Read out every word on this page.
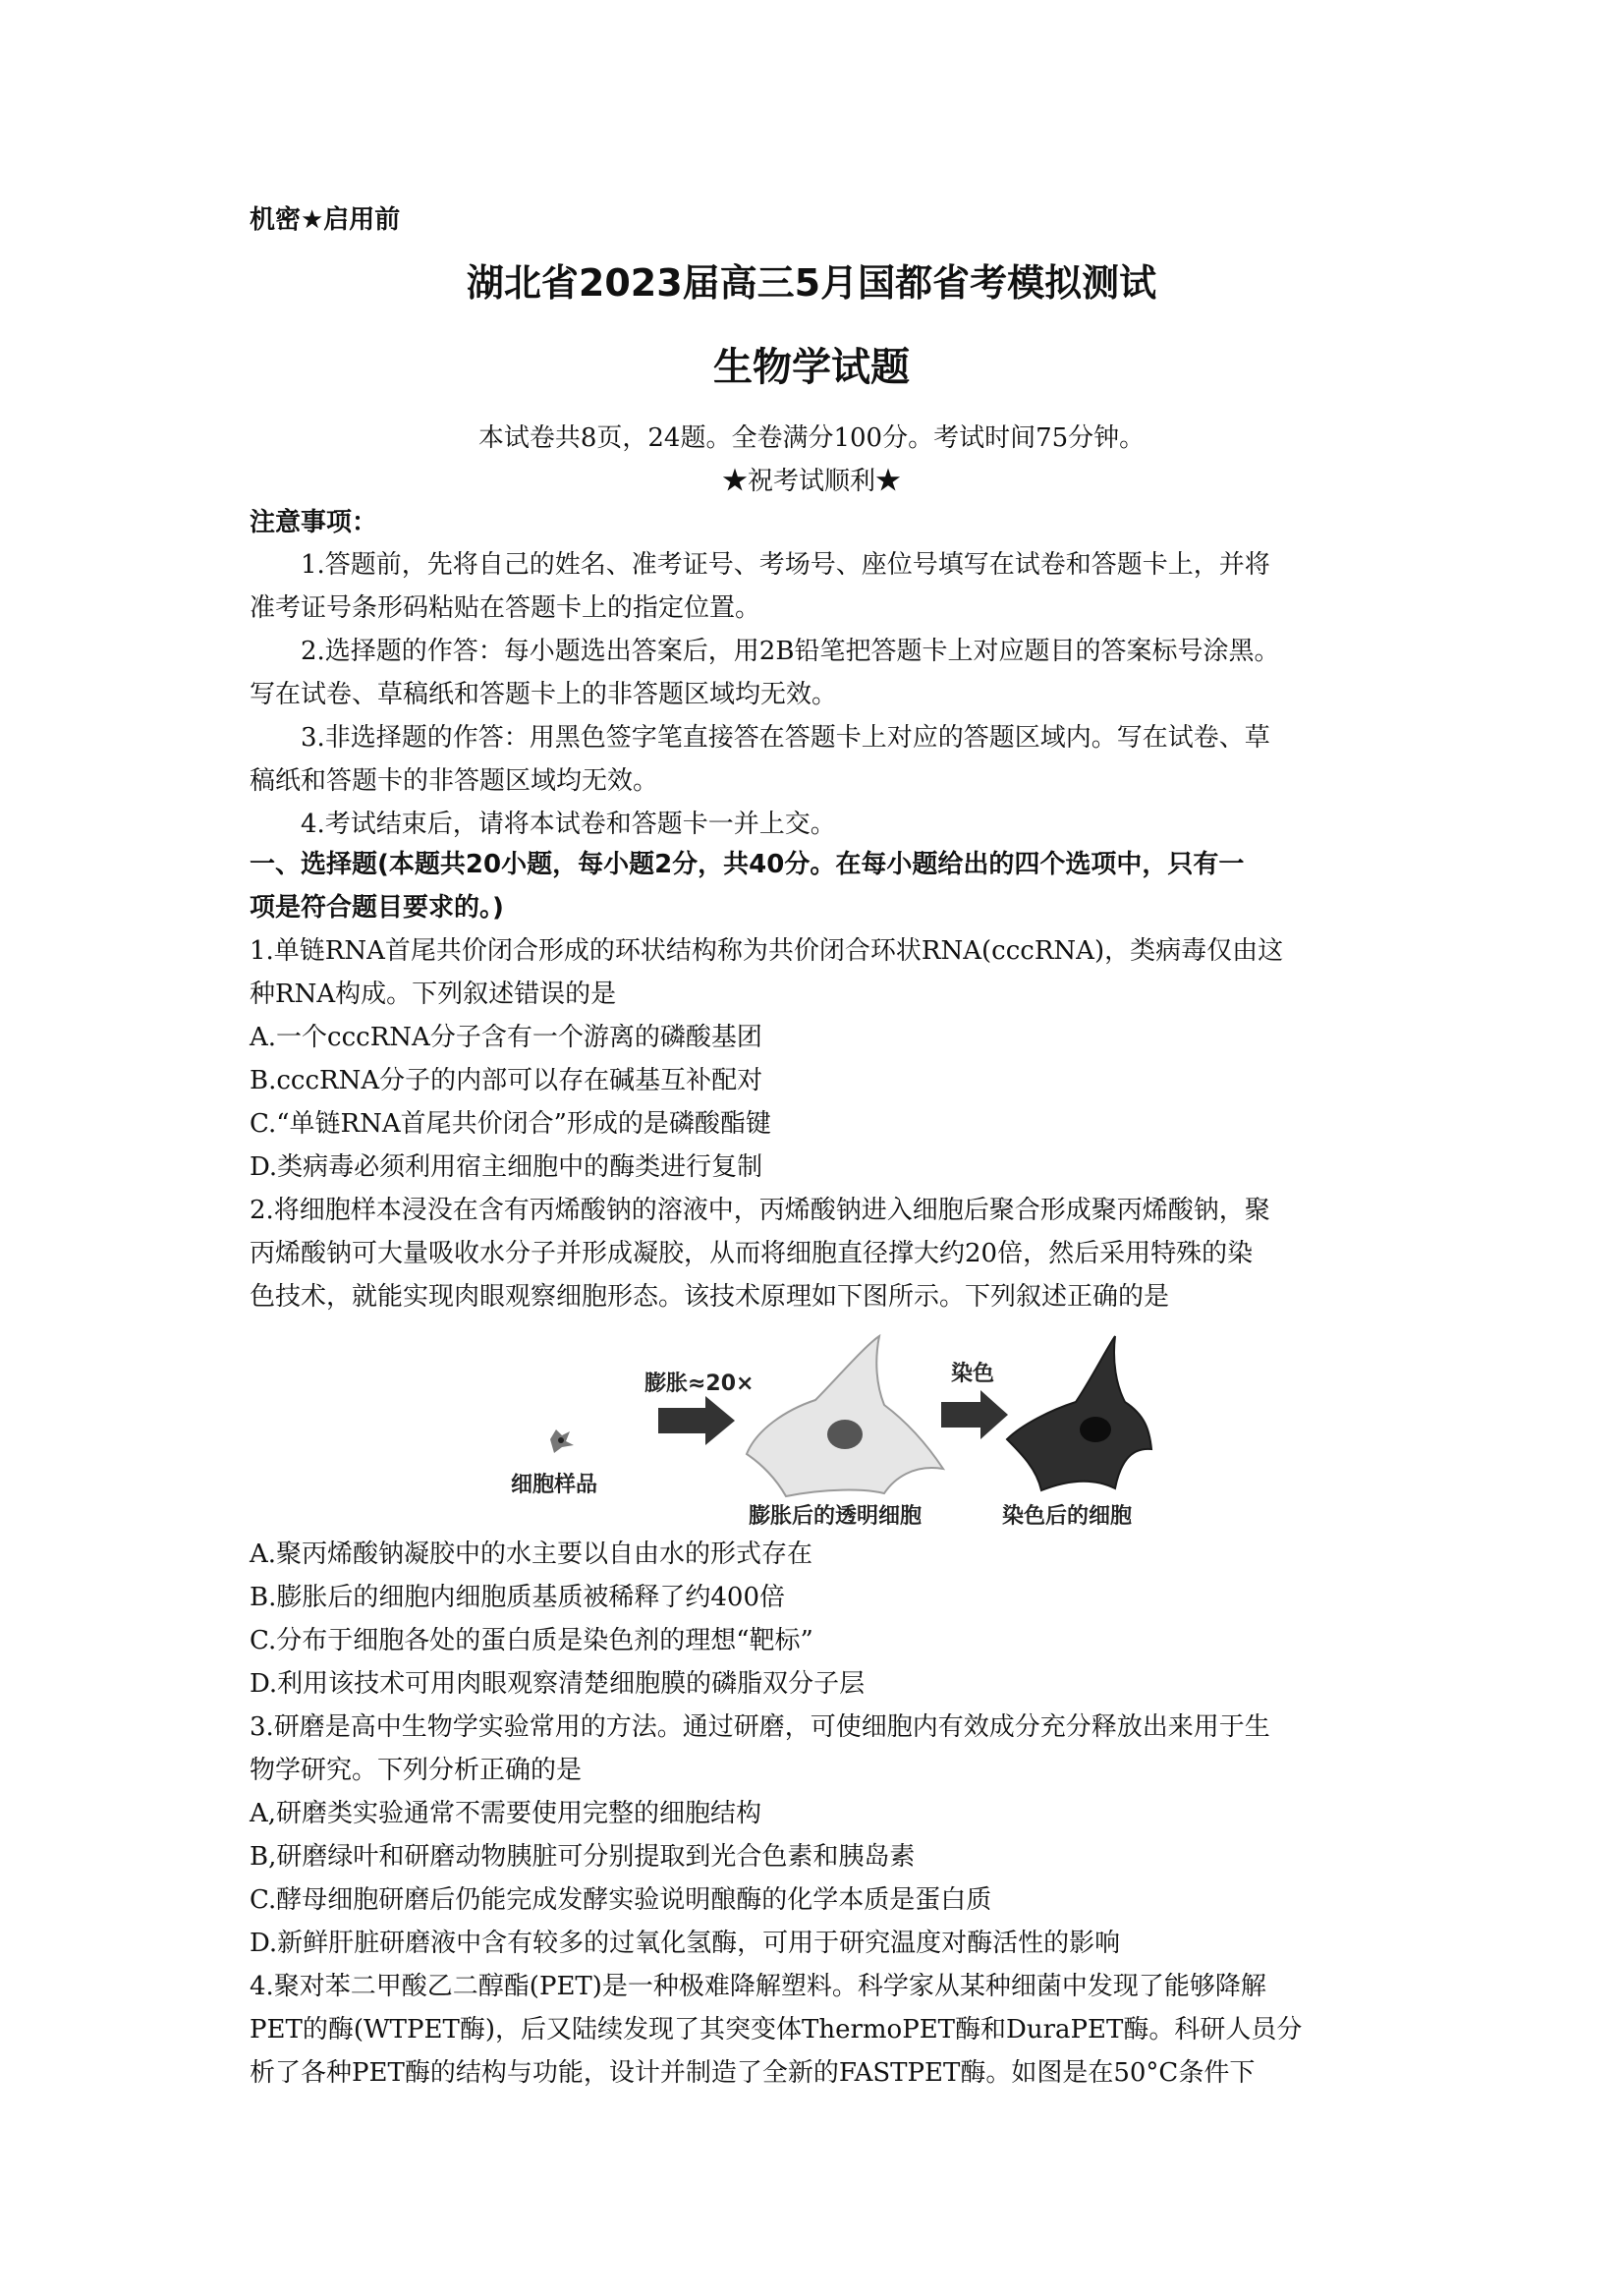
机密★启用前
湖北省2023届高三5月国都省考模拟测试
生物学试题
本试卷共8页，24题。全卷满分100分。考试时间75分钟。
★祝考试顺利★
注意事项：
1.答题前，先将自己的姓名、准考证号、考场号、座位号填写在试卷和答题卡上，并将
准考证号条形码粘贴在答题卡上的指定位置。
2.选择题的作答：每小题选出答案后，用2B铅笔把答题卡上对应题目的答案标号涂黑。
写在试卷、草稿纸和答题卡上的非答题区域均无效。
3.非选择题的作答：用黑色签字笔直接答在答题卡上对应的答题区域内。写在试卷、草
稿纸和答题卡的非答题区域均无效。
4.考试结束后，请将本试卷和答题卡一并上交。
一、选择题(本题共20小题，每小题2分，共40分。在每小题给出的四个选项中，只有一
项是符合题目要求的。)
1.单链RNA首尾共价闭合形成的环状结构称为共价闭合环状RNA(cccRNA)，类病毒仅由这
种RNA构成。下列叙述错误的是
A.一个cccRNA分子含有一个游离的磷酸基团
B.cccRNA分子的内部可以存在碱基互补配对
C.“单链RNA首尾共价闭合”形成的是磷酸酯键
D.类病毒必须利用宿主细胞中的酶类进行复制
2.将细胞样本浸没在含有丙烯酸钠的溶液中，丙烯酸钠进入细胞后聚合形成聚丙烯酸钠，聚
丙烯酸钠可大量吸收水分子并形成凝胶，从而将细胞直径撑大约20倍，然后采用特殊的染
色技术，就能实现肉眼观察细胞形态。该技术原理如下图所示。下列叙述正确的是
细胞样品
膨胀≈20×
膨胀后的透明细胞
染色
染色后的细胞
A.聚丙烯酸钠凝胶中的水主要以自由水的形式存在
B.膨胀后的细胞内细胞质基质被稀释了约400倍
C.分布于细胞各处的蛋白质是染色剂的理想“靶标”
D.利用该技术可用肉眼观察清楚细胞膜的磷脂双分子层
3.研磨是高中生物学实验常用的方法。通过研磨，可使细胞内有效成分充分释放出来用于生
物学研究。下列分析正确的是
A,研磨类实验通常不需要使用完整的细胞结构
B,研磨绿叶和研磨动物胰脏可分别提取到光合色素和胰岛素
C.酵母细胞研磨后仍能完成发酵实验说明酿酶的化学本质是蛋白质
D.新鲜肝脏研磨液中含有较多的过氧化氢酶，可用于研究温度对酶活性的影响
4.聚对苯二甲酸乙二醇酯(PET)是一种极难降解塑料。科学家从某种细菌中发现了能够降解
PET的酶(WTPET酶)，后又陆续发现了其突变体ThermoPET酶和DuraPET酶。科研人员分
析了各种PET酶的结构与功能，设计并制造了全新的FASTPET酶。如图是在50°C条件下
